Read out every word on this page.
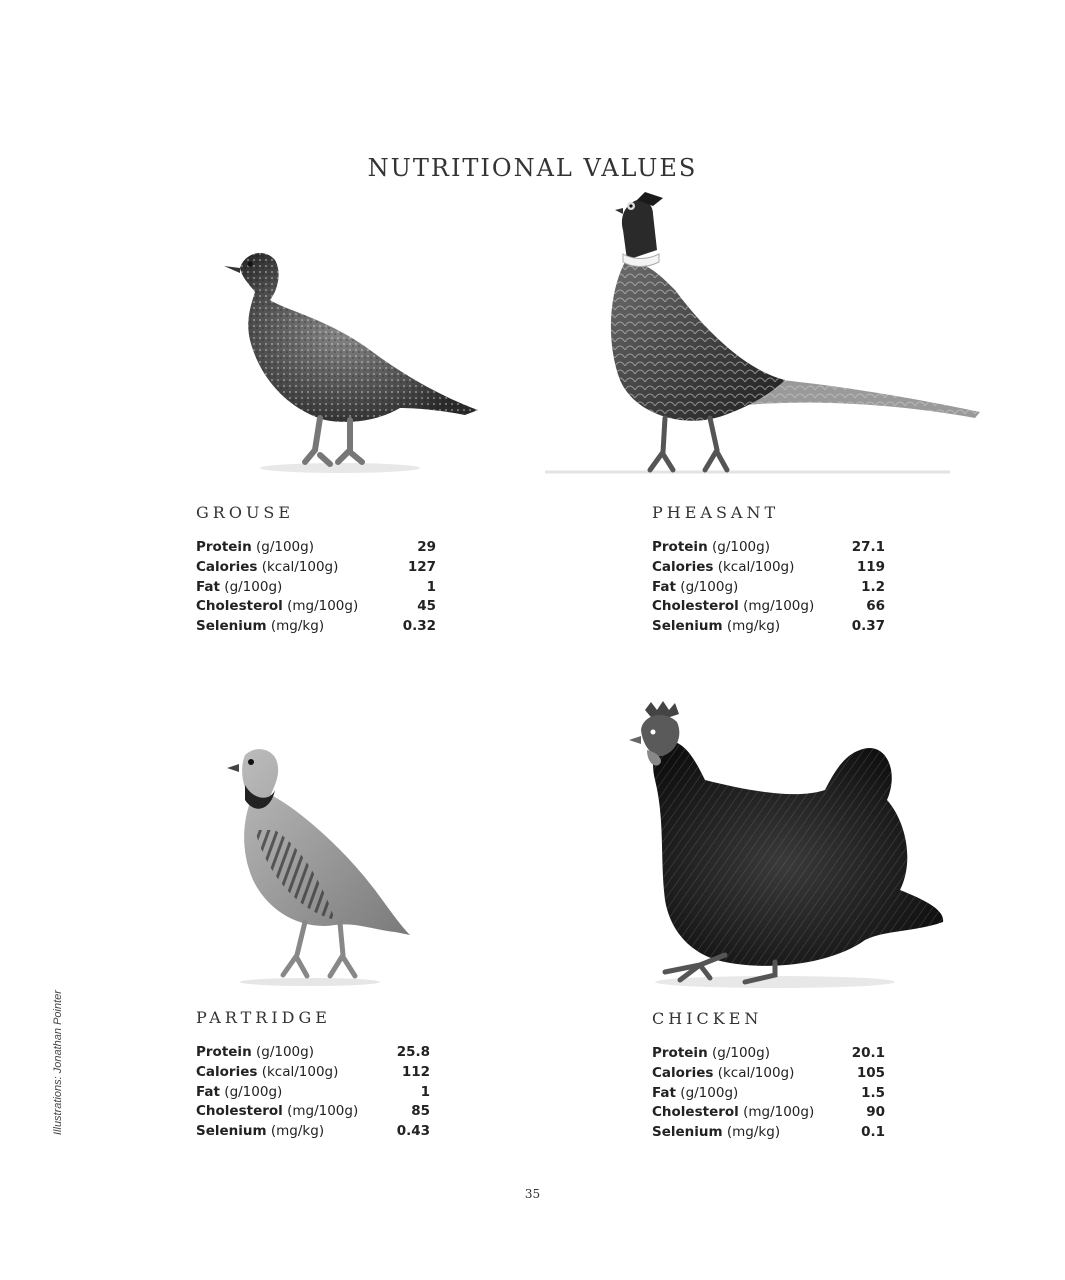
NUTRITIONAL VALUES
GROUSE
Protein (g/100g)	29
Calories (kcal/100g)	127
Fat (g/100g)	1
Cholesterol (mg/100g)	45
Selenium (mg/kg)	0.32
PHEASANT
Protein (g/100g)	27.1
Calories (kcal/100g)	119
Fat (g/100g)	1.2
Cholesterol (mg/100g)	66
Selenium (mg/kg)	0.37
PARTRIDGE
Protein (g/100g)	25.8
Calories (kcal/100g)	112
Fat (g/100g)	1
Cholesterol (mg/100g)	85
Selenium (mg/kg)	0.43
CHICKEN
Protein (g/100g)	20.1
Calories (kcal/100g)	105
Fat (g/100g)	1.5
Cholesterol (mg/100g)	90
Selenium (mg/kg)	0.1
Illustrations: Jonathan Pointer
35
